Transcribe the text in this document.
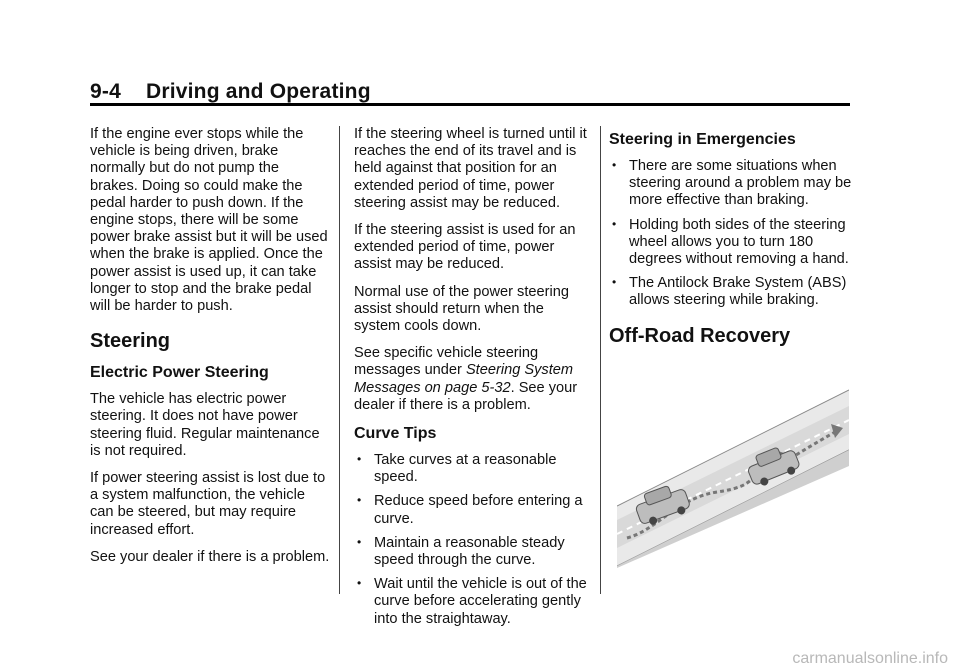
9-4 Driving and Operating

If the engine ever stops while the vehicle is being driven, brake normally but do not pump the brakes. Doing so could make the pedal harder to push down. If the engine stops, there will be some power brake assist but it will be used when the brake is applied. Once the power assist is used up, it can take longer to stop and the brake pedal will be harder to push.

Steering
Electric Power Steering

The vehicle has electric power steering. It does not have power steering fluid. Regular maintenance is not required.

If power steering assist is lost due to a system malfunction, the vehicle can be steered, but may require increased effort.

See your dealer if there is a problem.

If the steering wheel is turned until it reaches the end of its travel and is held against that position for an extended period of time, power steering assist may be reduced.

If the steering assist is used for an extended period of time, power assist may be reduced.

Normal use of the power steering assist should return when the system cools down.

See specific vehicle steering messages under Steering System Messages on page 5-32. See your dealer if there is a problem.

Curve Tips
• Take curves at a reasonable speed.
• Reduce speed before entering a curve.
• Maintain a reasonable steady speed through the curve.
• Wait until the vehicle is out of the curve before accelerating gently into the straightaway.
Steering in Emergencies
• There are some situations when steering around a problem may be more effective than braking.
• Holding both sides of the steering wheel allows you to turn 180 degrees without removing a hand.
• The Antilock Brake System (ABS) allows steering while braking.
Off-Road Recovery
carmanualsonline.info
